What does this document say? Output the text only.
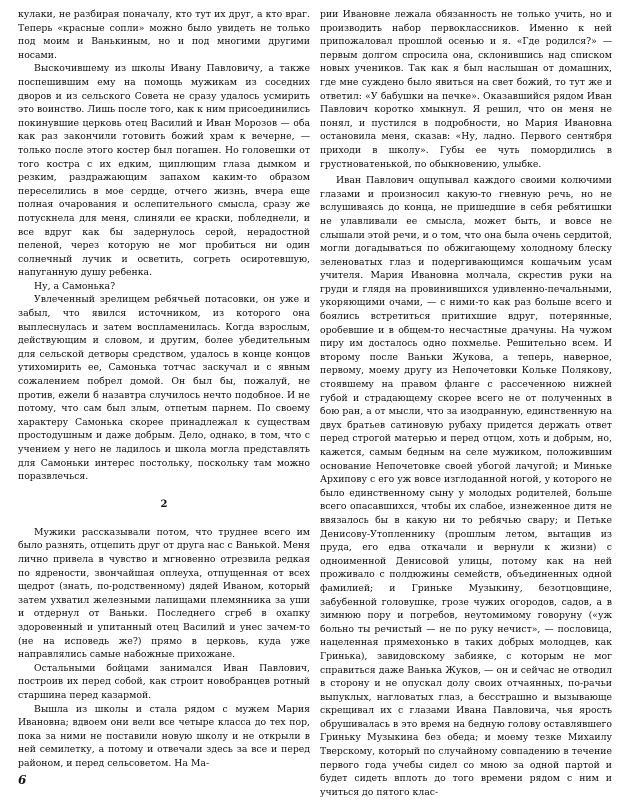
кулаки, не разбирая поначалу, кто тут их друг, а кто враг. Теперь «красные сопли» можно было увидеть не только под моим и Ванькиным, но и под многими другими носами.

Выскочившему из школы Ивану Павловичу, а также поспешившим ему на помощь мужикам из соседних дворов и из сельского Совета не сразу удалось усмирить это воинство. Лишь после того, как к ним присоединились покинувшие церковь отец Василий и Иван Морозов — оба как раз закончили готовить божий храм к вечерне, — только после этого костер был погашен. Но головешки от того костра с их едким, щиплющим глаза дымком и резким, раздражающим запахом каким-то образом переселились в мое сердце, отчего жизнь, вчера еще полная очарования и ослепительного смысла, сразу же потускнела для меня, слиняли ее краски, побледнели, и все вдруг как бы задернулось серой, нерадостной пеленой, через которую не мог пробиться ни один солнечный лучик и осветить, согреть осиротевшую, напуганную душу ребенка.

Ну, а Самонька?

Увлеченный зрелищем ребячьей потасовки, он уже и забыл, что явился источником, из которого она выплеснулась и затем воспламенилась. Когда взрослым, действующим и словом, и другим, более убедительным для сельской детворы средством, удалось в конце концов утихомирить ее, Самонька тотчас заскучал и с явным сожалением побрел домой. Он был бы, пожалуй, не против, ежели б назавтра случилось нечто подобное. И не потому, что сам был злым, отпетым парнем. По своему характеру Самонька скорее принадлежал к существам простодушным и даже добрым. Дело, однако, в том, что с учением у него не ладилось и школа могла представлять для Самоньки интерес постольку, поскольку там можно поразвлечься.

2

Мужики рассказывали потом, что труднее всего им было разнять, отцепить друг от друга нас с Ванькой. Меня лично привела в чувство и мгновенно отрезвила редкая по ядрености, звончайшая оплеуха, отпущенная от всех щедрот (знать, по-родственному) дядей Иваном, который затем ухватил железными лапищами племянника за уши и отдернул от Ваньки. Последнего сгреб в охапку здоровенный и упитанный отец Василий и унес зачем-то (не на исповедь же?) прямо в церковь, куда уже направлялись самые набожные прихожане.

Остальными бойцами занимался Иван Павлович, построив их перед собой, как строит новобранцев ротный старшина перед казармой.

Вышла из школы и стала рядом с мужем Мария Ивановна; вдвоем они вели все четыре класса до тех пор, пока за ними не поставили новую школу и не открыли в ней семилетку, а потому и отвечали здесь за все и перед районом, и перед сельсоветом. На Ма-

рии Ивановне лежала обязанность не только учить, но и производить набор первоклассников. Именно к ней припожаловал прошлой осенью и я. «Где родился?» — первым долгом спросила она, склонившись над списком новых учеников. Так как я был наслышан от домашних, где мне суждено было явиться на свет божий, то тут же и ответил: «У бабушки на печке». Оказавшийся рядом Иван Павлович коротко хмыкнул. Я решил, что он меня не понял, и пустился в подробности, но Мария Ивановна остановила меня, сказав: «Ну, ладно. Первого сентября приходи в школу». Губы ее чуть помордились в грустноватенькой, по обыкновению, улыбке.

Иван Павлович ощупывал каждого своими колючими глазами и произносил какую-то гневную речь, но не вслушиваясь до конца, не пришедшие в себя ребятишки не улавливали ее смысла, может быть, и вовсе не слышали этой речи, и о том, что она была очень сердитой, могли догадываться по обжигающему холодному блеску зеленоватых глаз и подергивающимся кошачьим усам учителя. Мария Ивановна молчала, скрестив руки на груди и глядя на провинившихся удивленно-печальными, укоряющими очами, — с ними-то как раз больше всего и боялись встретиться притихшие вдруг, потерянные, оробевшие и в общем-то несчастные драчуны. На чужом пиру им досталось одно похмелье. Решительно всем. И второму после Ваньки Жукова, а теперь, наверное, первому, моему другу из Непочетовки Кольке Полякову, стоявшему на правом фланге с рассеченною нижней губой и страдающему скорее всего не от полученных в бою ран, а от мысли, что за изодранную, единственную на двух братьев сатиновую рубаху придется держать ответ перед строгой матерью и перед отцом, хоть и добрым, но, кажется, самым бедным на селе мужиком, положившим основание Непочетовке своей убогой лачугой; и Миньке Архипову с его уж вовсе изглоданной ногой, у которого не было единственному сыну у молодых родителей, больше всего опасавшихся, чтобы их слабое, изнеженное дитя не ввязалось бы в какую ни то ребячью свару; и Петьке Денисову-Утопленнику (прошлым летом, вытащив из пруда, его едва откачали и вернули к жизни) с одноименной Денисовой улицы, потому как на ней проживало с полдюжины семейств, объединенных одной фамилией; и Гриньке Музыкину, безотцовщине, забубенной головушке, грозе чужих огородов, садов, а в зимнюю пору и погребов, неутомимому говоруну («уж больно ты речистый — не по руку нечист», — пословица, нацеленная прямехонько в таких добрых молодцев, как Гринька), завидовскому забияке, с которым не мог справиться даже Ванька Жуков, — он и сейчас не отводил в сторону и не опускал долу своих отчаянных, по-рачьи выпуклых, нагловатых глаз, а бесстрашно и вызывающе скрещивал их с глазами Ивана Павловича, чья ярость обрушивалась в это время на бедную голову оставлявшего Гриньку Музыкина без обеда; и моему тезке Михаилу Тверскому, который по случайному совпадению в течение первого года учебы сидел со мною за одной партой и будет сидеть вплоть до того времени рядом с ним и учиться до пятого клас-

6
